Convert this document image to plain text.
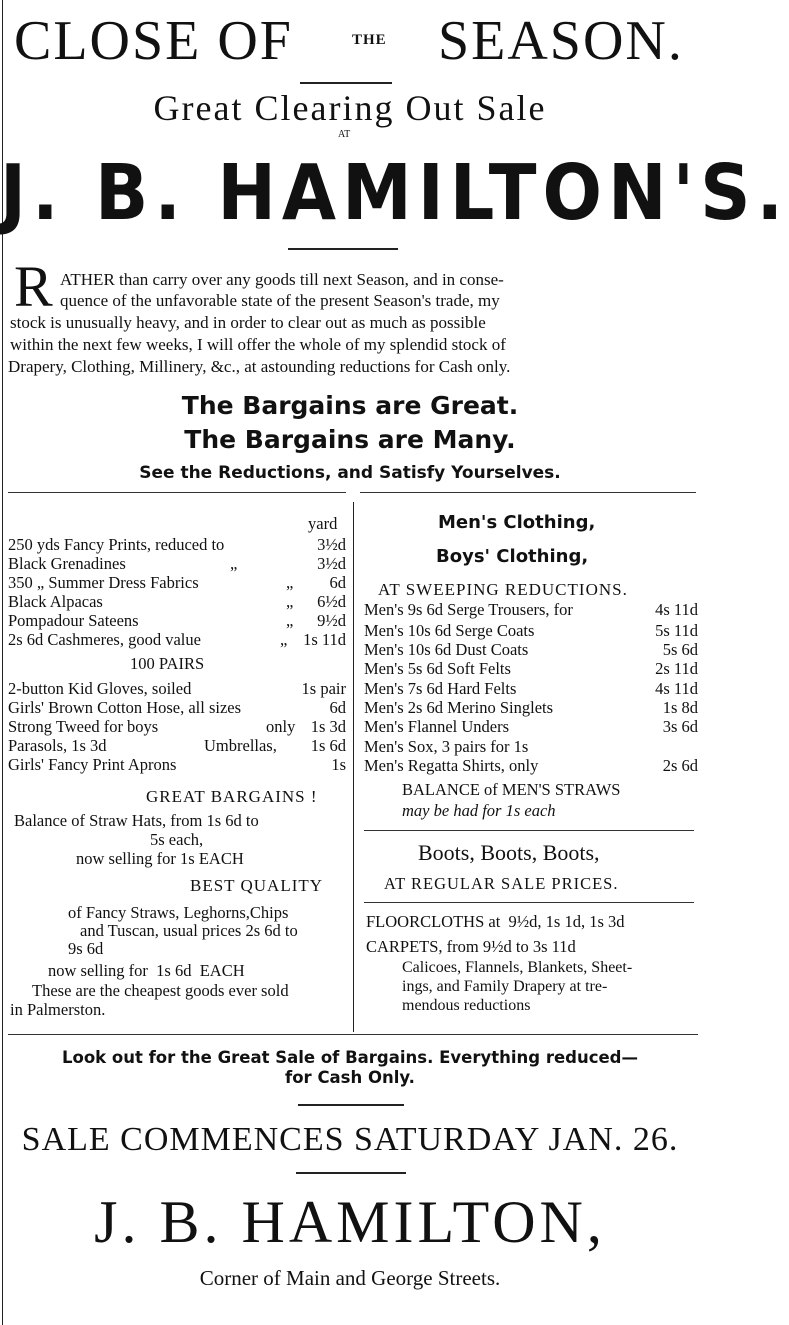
CLOSE OF	THE SEASON.
Great Clearing Out Sale
AT
J. B. HAMILTON'S.
R ATHER than carry over any goods till next Season, and in conse-
quence of the unfavorable state of the present Season's trade, my
stock is unusually heavy, and in order to clear out as much as possible
within the next few weeks, I will offer the whole of my splendid stock of
Drapery, Clothing, Millinery, &c., at astounding reductions for Cash only.
The Bargains are Great.
The Bargains are Many.
See the Reductions, and Satisfy Yourselves.
yard
250 yds Fancy Prints, reduced to	3½d
Black Grenadines	„	3½d
350 „ Summer Dress Fabrics	„ 6d
Black Alpacas	„ 6½d
Pompadour Sateens	„ 9½d
2s 6d Cashmeres, good value	„ 1s 11d
100 PAIRS
2-button Kid Gloves, soiled	1s pair
Girls' Brown Cotton Hose, all sizes	6d
Strong Tweed for boys	only 1s 3d
Parasols, 1s 3d	Umbrellas, 1s 6d
Girls' Fancy Print Aprons	1s
GREAT BARGAINS !
Balance of Straw Hats, from 1s 6d to
5s each,
now selling for 1s EACH
BEST QUALITY
of Fancy Straws, Leghorns,Chips
and Tuscan, usual prices 2s 6d to
9s 6d
now selling for  1s 6d  EACH
These are the cheapest goods ever sold
in Palmerston.
Men's Clothing,
Boys' Clothing,
AT SWEEPING REDUCTIONS.
Men's 9s 6d Serge Trousers, for	4s 11d
Men's 10s 6d Serge Coats	5s 11d
Men's 10s 6d Dust Coats	5s 6d
Men's 5s 6d Soft Felts	2s 11d
Men's 7s 6d Hard Felts	4s 11d
Men's 2s 6d Merino Singlets	1s 8d
Men's Flannel Unders	3s 6d
Men's Sox, 3 pairs for 1s
Men's Regatta Shirts, only	2s 6d
BALANCE of MEN'S STRAWS
may be had for 1s each
Boots, Boots, Boots,
AT REGULAR SALE PRICES.
FLOORCLOTHS at  9½d, 1s 1d, 1s 3d
CARPETS, from 9½d to 3s 11d
Calicoes, Flannels, Blankets, Sheet-
ings, and Family Drapery at tre-
mendous reductions
Look out for the Great Sale of Bargains. Everything reduced—
for Cash Only.
SALE COMMENCES SATURDAY JAN. 26.
J. B. HAMILTON,
Corner of Main and George Streets.
